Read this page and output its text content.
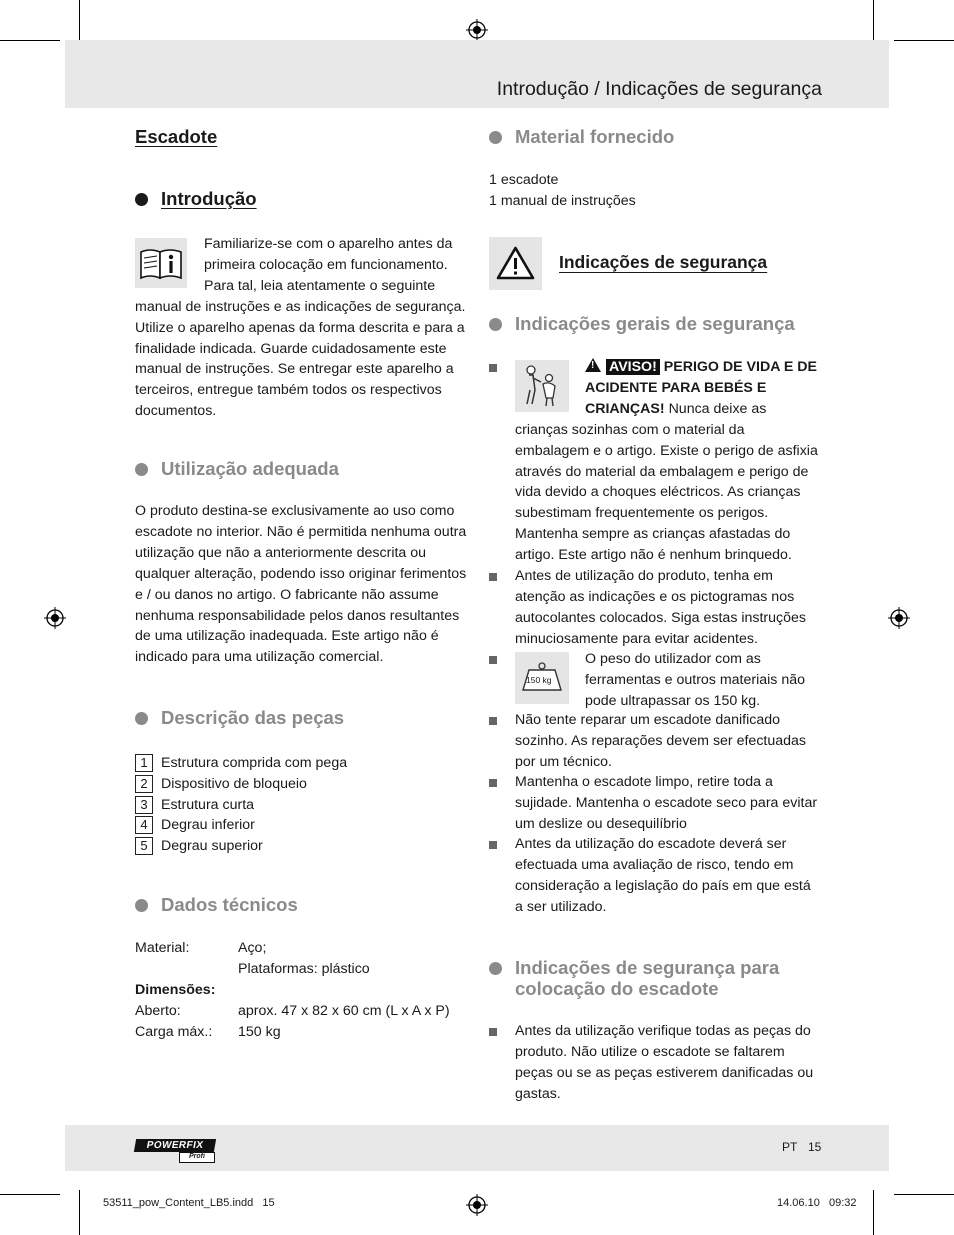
Introdução / Indicações de segurança
Escadote
Introdução

Familiarize-se com o aparelho antes da primeira colocação em funcionamento. Para tal, leia atentamente o seguinte manual de instruções e as indicações de segurança. Utilize o aparelho apenas da forma descrita e para a finalidade indicada. Guarde cuidadosamente este manual de instruções. Se entregar este aparelho a terceiros, entregue também todos os respectivos documentos.

Utilização adequada

O produto destina-se exclusivamente ao uso como escadote no interior. Não é permitida nenhuma outra utilização que não a anteriormente descrita ou qualquer alteração, podendo isso originar ferimentos e / ou danos no artigo. O fabricante não assume nenhuma responsabilidade pelos danos resultantes de uma utilização inadequada. Este artigo não é indicado para uma utilização comercial.

Descrição das peças
1 Estrutura comprida com pega
2 Dispositivo de bloqueio
3 Estrutura curta
4 Degrau inferior
5 Degrau superior
Dados técnicos
Material:	Aço;
Plataformas: plástico
Dimensões:
Aberto:	aprox. 47 x 82 x 60 cm (L x A x P)
Carga máx.: 150 kg
Material fornecido
1 escadote
1 manual de instruções
Indicações de segurança
Indicações gerais de segurança
!AVISO! PERIGO DE VIDA E DE ACIDENTE PARA BEBÉS E CRIANÇAS! Nunca deixe as crianças sozinhas com o material da embalagem e o artigo. Existe o perigo de asfixia através do material da embalagem e perigo de vida devido a choques eléctricos. As crianças subestimam frequentemente os perigos. Mantenha sempre as crianças afastadas do artigo. Este artigo não é nenhum brinquedo.
Antes de utilização do produto, tenha em atenção as indicações e os pictogramas nos autocolantes colocados. Siga estas instruções minuciosamente para evitar acidentes.
150 kg
O peso do utilizador com as ferramentas e outros materiais não pode ultrapassar os 150 kg.
Não tente reparar um escadote danificado sozinho. As reparações devem ser efectuadas por um técnico.
Mantenha o escadote limpo, retire toda a sujidade. Mantenha o escadote seco para evitar um deslize ou desequilíbrio
Antes da utilização do escadote deverá ser efectuada uma avaliação de risco, tendo em consideração a legislação do país em que está a ser utilizado.
Indicações de segurança para colocação do escadote
Antes da utilização verifique todas as peças do produto. Não utilize o escadote se faltarem peças ou se as peças estiverem danificadas ou gastas.
POWERFIX
Profi
PT 15
53511_pow_Content_LB5.indd   15	14.06.10   09:32
